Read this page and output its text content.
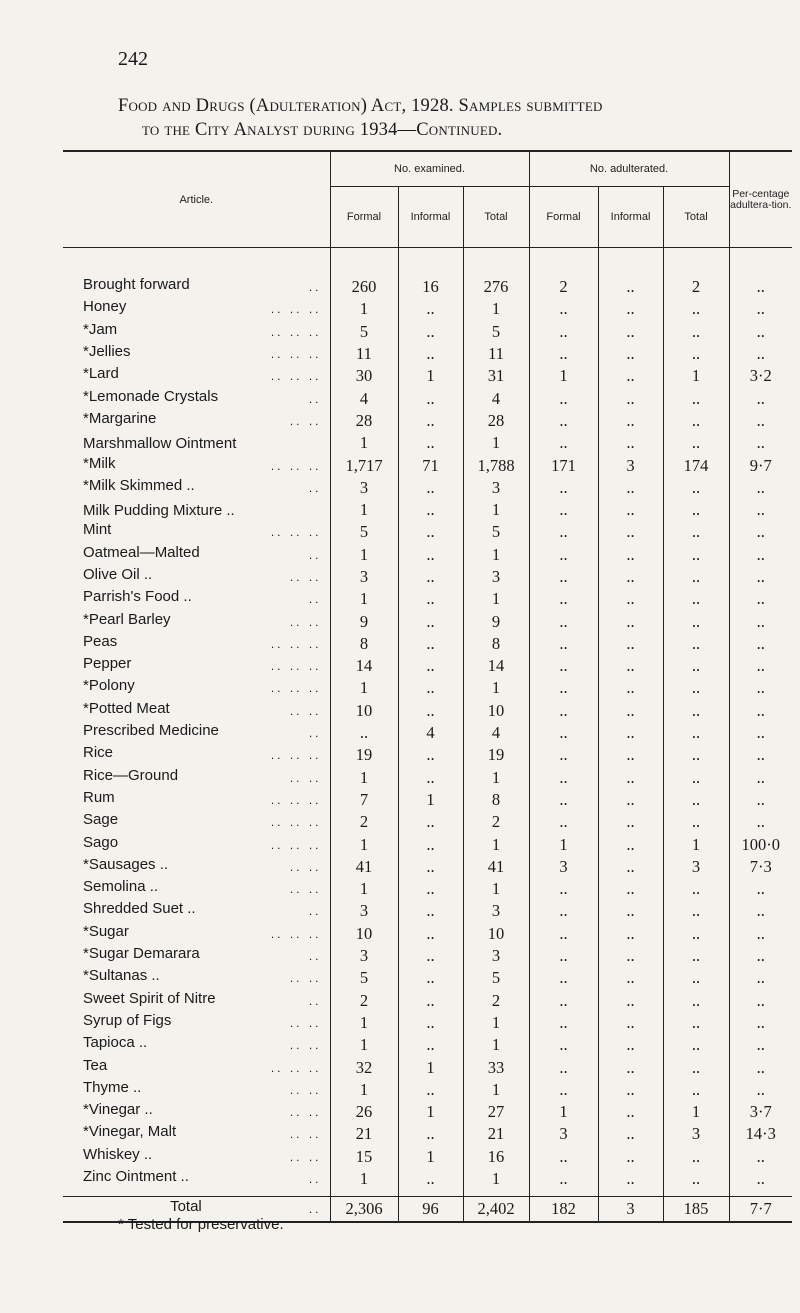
242
Food and Drugs (Adulteration) Act, 1928. Samples submitted
to the City Analyst during 1934—Continued.
Article.	No. examined.			No. adulterated.			Per-centage adultera-tion.
	Formal	Informal	Total	Formal	Informal	Total	

..
Brought forward	260	16	276	2	..	2	..

.. .. ..
Honey	1	..	1	..	..	..	..

.. .. ..
*Jam	5	..	5	..	..	..	..

.. .. ..
*Jellies	11	..	11	..	..	..	..

.. .. ..
*Lard	30	1	31	1	..	1	3·2

..
*Lemonade Crystals	4	..	4	..	..	..	..

.. ..
*Margarine	28	..	28	..	..	..	..

Marshmallow Ointment	1	..	1	..	..	..	..

.. .. ..
*Milk	1,717	71	1,788	171	3	174	9·7

..
*Milk Skimmed ..	3	..	3	..	..	..	..

Milk Pudding Mixture ..	1	..	1	..	..	..	..

.. .. ..
Mint	5	..	5	..	..	..	..

..
Oatmeal—Malted	1	..	1	..	..	..	..

.. ..
Olive Oil ..	3	..	3	..	..	..	..

..
Parrish's Food ..	1	..	1	..	..	..	..

.. ..
*Pearl Barley	9	..	9	..	..	..	..

.. .. ..
Peas	8	..	8	..	..	..	..

.. .. ..
Pepper	14	..	14	..	..	..	..

.. .. ..
*Polony	1	..	1	..	..	..	..

.. ..
*Potted Meat	10	..	10	..	..	..	..

..
Prescribed Medicine	..	4	4	..	..	..	..

.. .. ..
Rice	19	..	19	..	..	..	..

.. ..
Rice—Ground	1	..	1	..	..	..	..

.. .. ..
Rum	7	1	8	..	..	..	..

.. .. ..
Sage	2	..	2	..	..	..	..

.. .. ..
Sago	1	..	1	1	..	1	100·0

.. ..
*Sausages ..	41	..	41	3	..	3	7·3

.. ..
Semolina ..	1	..	1	..	..	..	..

..
Shredded Suet ..	3	..	3	..	..	..	..

.. .. ..
*Sugar	10	..	10	..	..	..	..

..
*Sugar Demarara	3	..	3	..	..	..	..

.. ..
*Sultanas ..	5	..	5	..	..	..	..

..
Sweet Spirit of Nitre	2	..	2	..	..	..	..

.. ..
Syrup of Figs	1	..	1	..	..	..	..

.. ..
Tapioca ..	1	..	1	..	..	..	..

.. .. ..
Tea	32	1	33	..	..	..	..

.. ..
Thyme ..	1	..	1	..	..	..	..

.. ..
*Vinegar ..	26	1	27	1	..	1	3·7

.. ..
*Vinegar, Malt	21	..	21	3	..	3	14·3

.. ..
Whiskey ..	15	1	16	..	..	..	..

..
Zinc Ointment ..	1	..	1	..	..	..	..
Total ..	2,306	96	2,402	182	3	185	7·7
* Tested for preservative.
